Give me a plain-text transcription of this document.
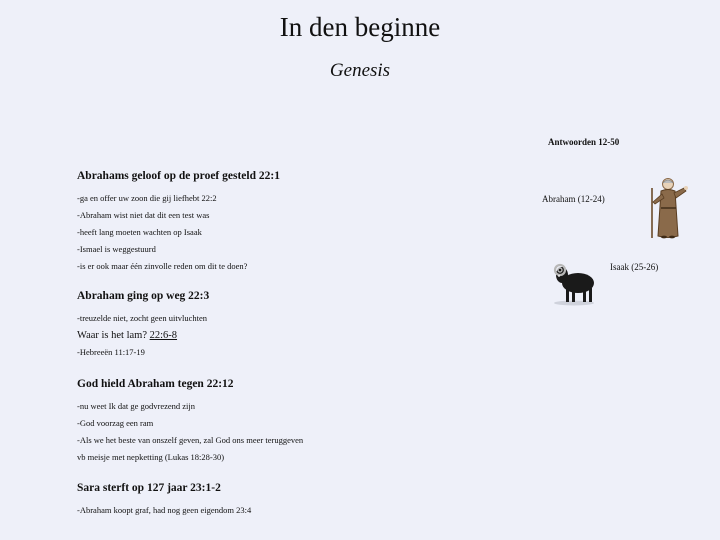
In den beginne
Genesis
Antwoorden 12-50
Abrahams geloof op de proef gesteld 22:1
-ga en offer uw zoon die gij liefhebt 22:2
-Abraham wist niet dat dit een test was
-heeft lang moeten wachten op Isaak
-Ismael is weggestuurd
-is er ook maar één zinvolle reden om dit te doen?
Abraham ging op weg 22:3
-treuzelde niet, zocht geen uitvluchten
Waar is het lam? 22:6-8
-Hebreeën 11:17-19
God hield Abraham tegen 22:12
-nu weet Ik dat ge godvrezend zijn
-God voorzag een ram
-Als we het beste van onszelf geven, zal God ons meer teruggeven
vb meisje met nepketting (Lukas 18:28-30)
Sara sterft op 127 jaar 23:1-2
-Abraham koopt graf, had nog geen eigendom 23:4
Abraham (12-24)
Isaak (25-26)
